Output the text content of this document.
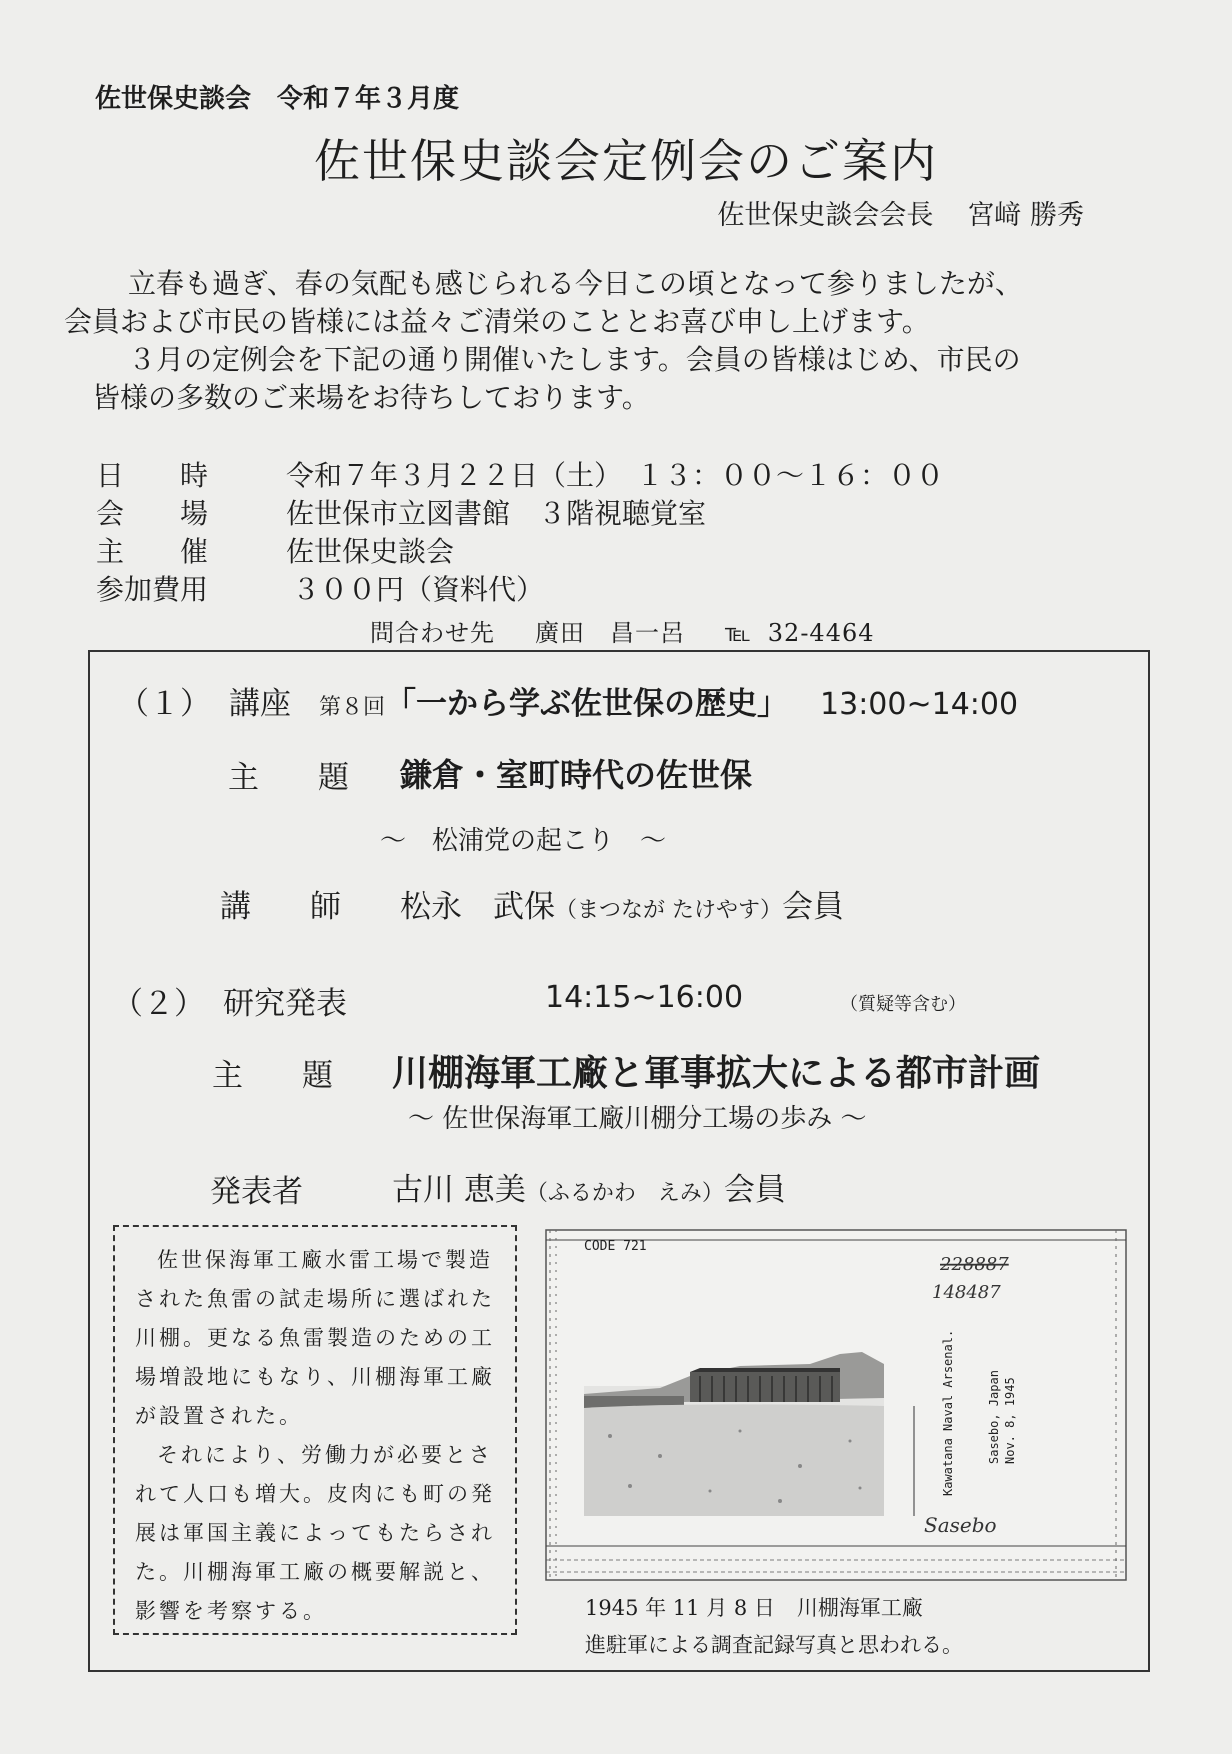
佐世保史談会 令和７年３月度
佐世保史談会定例会のご案内
佐世保史談会会長 宮﨑 勝秀

立春も過ぎ、春の気配も感じられる今日この頃となって参りましたが、

会員および市民の皆様には益々ご清栄のこととお喜び申し上げます。

３月の定例会を下記の通り開催いたします。会員の皆様はじめ、市民の

皆様の多数のご来場をお待ちしております。

日　　時	令和７年３月２２日（土）　１３：００～１６：００
会　　場	佐世保市立図書館　３階視聴覚室
主　　催	佐世保史談会
参加費用	３００円（資料代）
問合わせ先 廣田　昌一呂 ℡ 32-4464
（１） 講座 第８回「一から学ぶ佐世保の歴史」 13:00~14:00
主　題 鎌倉・室町時代の佐世保
～　松浦党の起こり　～
講　師 松永　武保（まつなが たけやす）会員
（２） 研究発表	14:15~16:00	（質疑等含む）
主　題 川棚海軍工廠と軍事拡大による都市計画
～ 佐世保海軍工廠川棚分工場の歩み ～
発表者	古川 恵美（ふるかわ　えみ）会員

佐世保海軍工廠水雷工場で製造された魚雷の試走場所に選ばれた川棚。更なる魚雷製造のための工場増設地にもなり、川棚海軍工廠が設置された。

それにより、労働力が必要とされて人口も増大。皮肉にも町の発展は軍国主義によってもたらされた。川棚海軍工廠の概要解説と、影響を考察する。

CODE 721
228887
148487
Kawatana Naval Arsenal.	Sasebo, Japan Nov. 8, 1945
Sasebo
1945 年 11 月 8 日 川棚海軍工廠
進駐軍による調査記録写真と思われる。
